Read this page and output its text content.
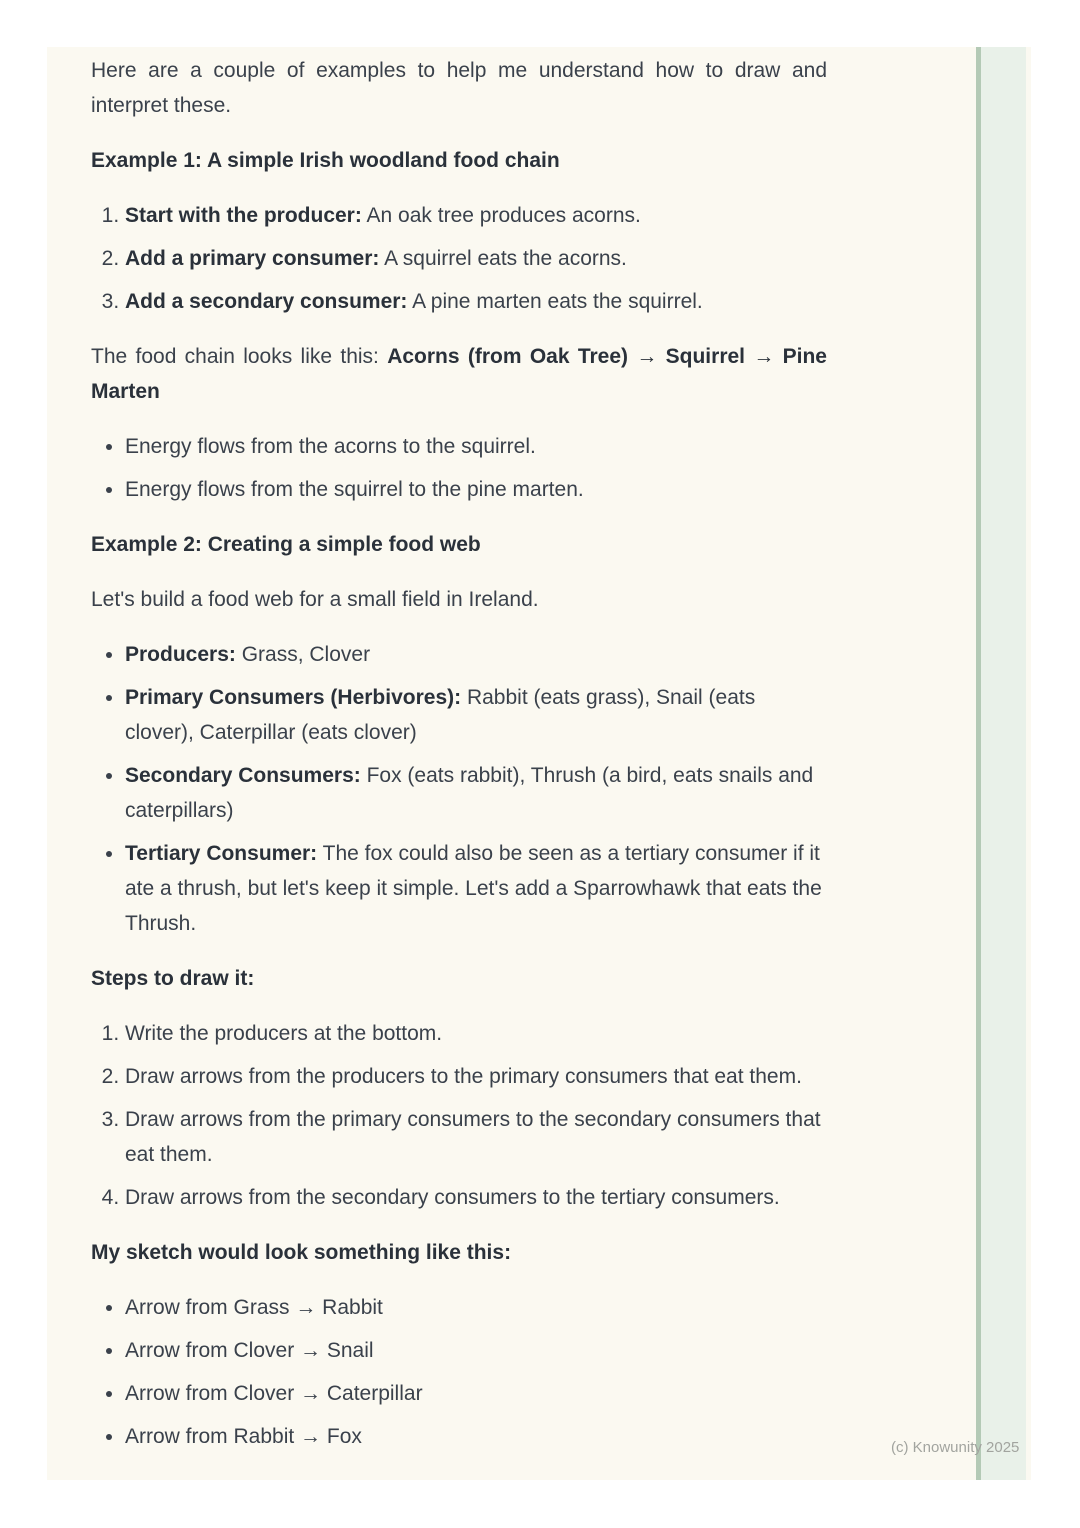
Here are a couple of examples to help me understand how to draw and interpret these.

Example 1: A simple Irish woodland food chain
1. Start with the producer: An oak tree produces acorns.
2. Add a primary consumer: A squirrel eats the acorns.
3. Add a secondary consumer: A pine marten eats the squirrel.

The food chain looks like this: Acorns (from Oak Tree) → Squirrel → Pine Marten

• Energy flows from the acorns to the squirrel.
• Energy flows from the squirrel to the pine marten.
Example 2: Creating a simple food web

Let's build a food web for a small field in Ireland.

• Producers: Grass, Clover
• Primary Consumers (Herbivores): Rabbit (eats grass), Snail (eats clover), Caterpillar (eats clover)
• Secondary Consumers: Fox (eats rabbit), Thrush (a bird, eats snails and caterpillars)
• Tertiary Consumer: The fox could also be seen as a tertiary consumer if it ate a thrush, but let's keep it simple. Let's add a Sparrowhawk that eats the Thrush.
Steps to draw it:
1. Write the producers at the bottom.
2. Draw arrows from the producers to the primary consumers that eat them.
3. Draw arrows from the primary consumers to the secondary consumers that eat them.
4. Draw arrows from the secondary consumers to the tertiary consumers.
My sketch would look something like this:
• Arrow from Grass → Rabbit
• Arrow from Clover → Snail
• Arrow from Clover → Caterpillar
• Arrow from Rabbit → Fox	(c) Knowunity 2025
